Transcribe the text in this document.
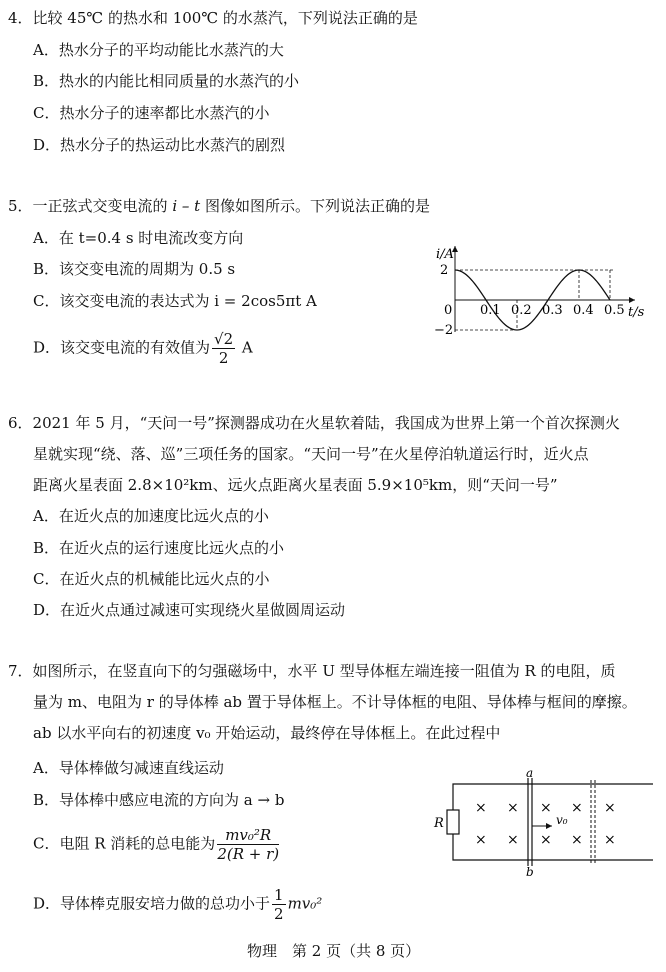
4．比较 45℃ 的热水和 100℃ 的水蒸汽，下列说法正确的是
A．热水分子的平均动能比水蒸汽的大
B．热水的内能比相同质量的水蒸汽的小
C．热水分子的速率都比水蒸汽的小
D．热水分子的热运动比水蒸汽的剧烈
5．一正弦式交变电流的 i – t 图像如图所示。下列说法正确的是
A．在 t=0.4 s 时电流改变方向
B．该交变电流的周期为 0.5 s
C．该交变电流的表达式为 i = 2cos5πt A
D．该交变电流的有效值为 $\frac{√2}{2}$ A
i/A
2
−2
0 0.1 0.2 0.3 0.4 0.5 t/s
6．2021 年 5 月，“天问一号”探测器成功在火星软着陆，我国成为世界上第一个首次探测火
星就实现“绕、落、巡”三项任务的国家。“天问一号”在火星停泊轨道运行时，近火点
距离火星表面 2.8×10²km、远火点距离火星表面 5.9×10⁵km，则“天问一号”
A．在近火点的加速度比远火点的小
B．在近火点的运行速度比远火点的小
C．在近火点的机械能比远火点的小
D．在近火点通过减速可实现绕火星做圆周运动
7．如图所示，在竖直向下的匀强磁场中，水平 U 型导体框左端连接一阻值为 R 的电阻，质
量为 m、电阻为 r 的导体棒 ab 置于导体框上。不计导体框的电阻、导体棒与框间的摩擦。
ab 以水平向右的初速度 v₀ 开始运动，最终停在导体框上。在此过程中
A．导体棒做匀减速直线运动
B．导体棒中感应电流的方向为 a → b
C．电阻 R 消耗的总电能为 $\frac{\text{mv₀²R}}{2(R + r)}$
D．导体棒克服安培力做的总功小于 $\frac{1}{2} mv_0^2$
R
a
b
v₀
× × × × ×
× × × × ×
物理　第 2 页（共 8 页）
